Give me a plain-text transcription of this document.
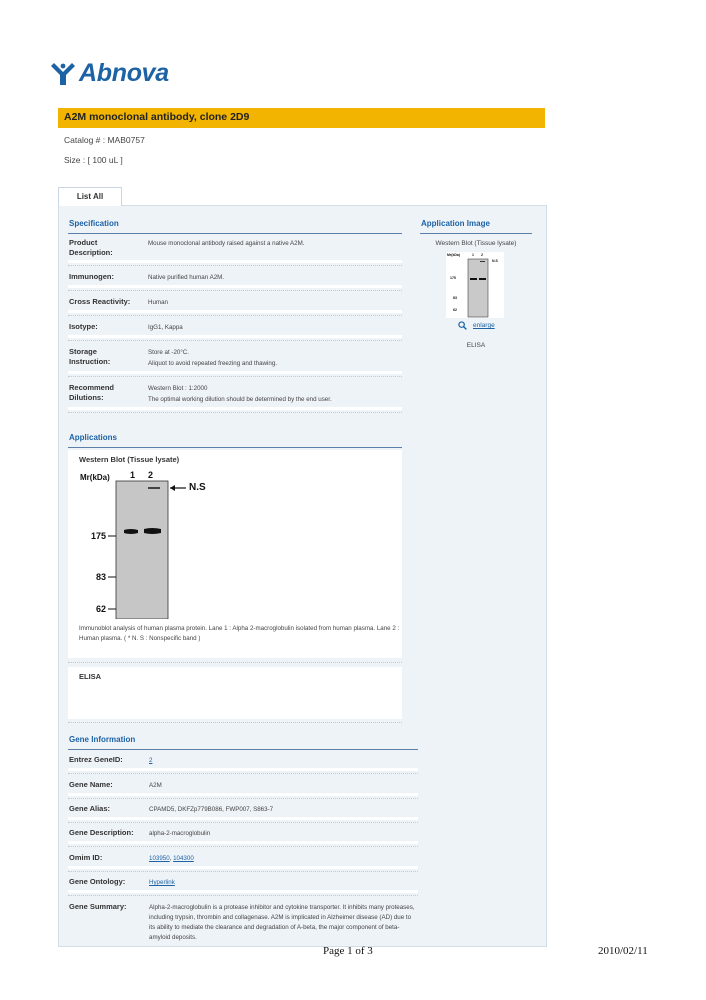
Abnova
A2M monoclonal antibody, clone 2D9
Catalog # : MAB0757
Size : [ 100 uL ]
List All
Specification
Product Description:
Mouse monoclonal antibody raised against a native A2M.
Immunogen:	Native purified human A2M.
Cross Reactivity:	Human
Isotype:	IgG1, Kappa
Storage Instruction:
Store at -20°C.
Aliquot to avoid repeated freezing and thawing.
Recommend Dilutions:
Western Blot : 1:2000
The optimal working dilution should be determined by the end user.
Application Image
Western Blot (Tissue lysate)
Mr(kDa)	1 2
N.S
175
83
62
enlarge
ELISA
Applications
Western Blot (Tissue lysate)
Mr(kDa) 1 2
N.S
175
83
62
Immunoblot analysis of human plasma protein. Lane 1 : Alpha 2-macroglobulin isolated from human plasma. Lane 2 : Human plasma. ( * N. S : Nonspecific band )
ELISA
Gene Information
Entrez GeneID:	2
Gene Name:	A2M
Gene Alias:	CPAMD5, DKFZp779B086, FWP007, S863-7
Gene Description: alpha-2-macroglobulin
Omim ID:	103950, 104300
Gene Ontology:	Hyperlink
Gene Summary:	Alpha-2-macroglobulin is a protease inhibitor and cytokine transporter. It inhibits many proteases, including trypsin, thrombin and collagenase. A2M is implicated in Alzheimer disease (AD) due to its ability to mediate the clearance and degradation of A-beta, the major component of beta-amyloid deposits.
Page 1 of 3	2010/02/11
